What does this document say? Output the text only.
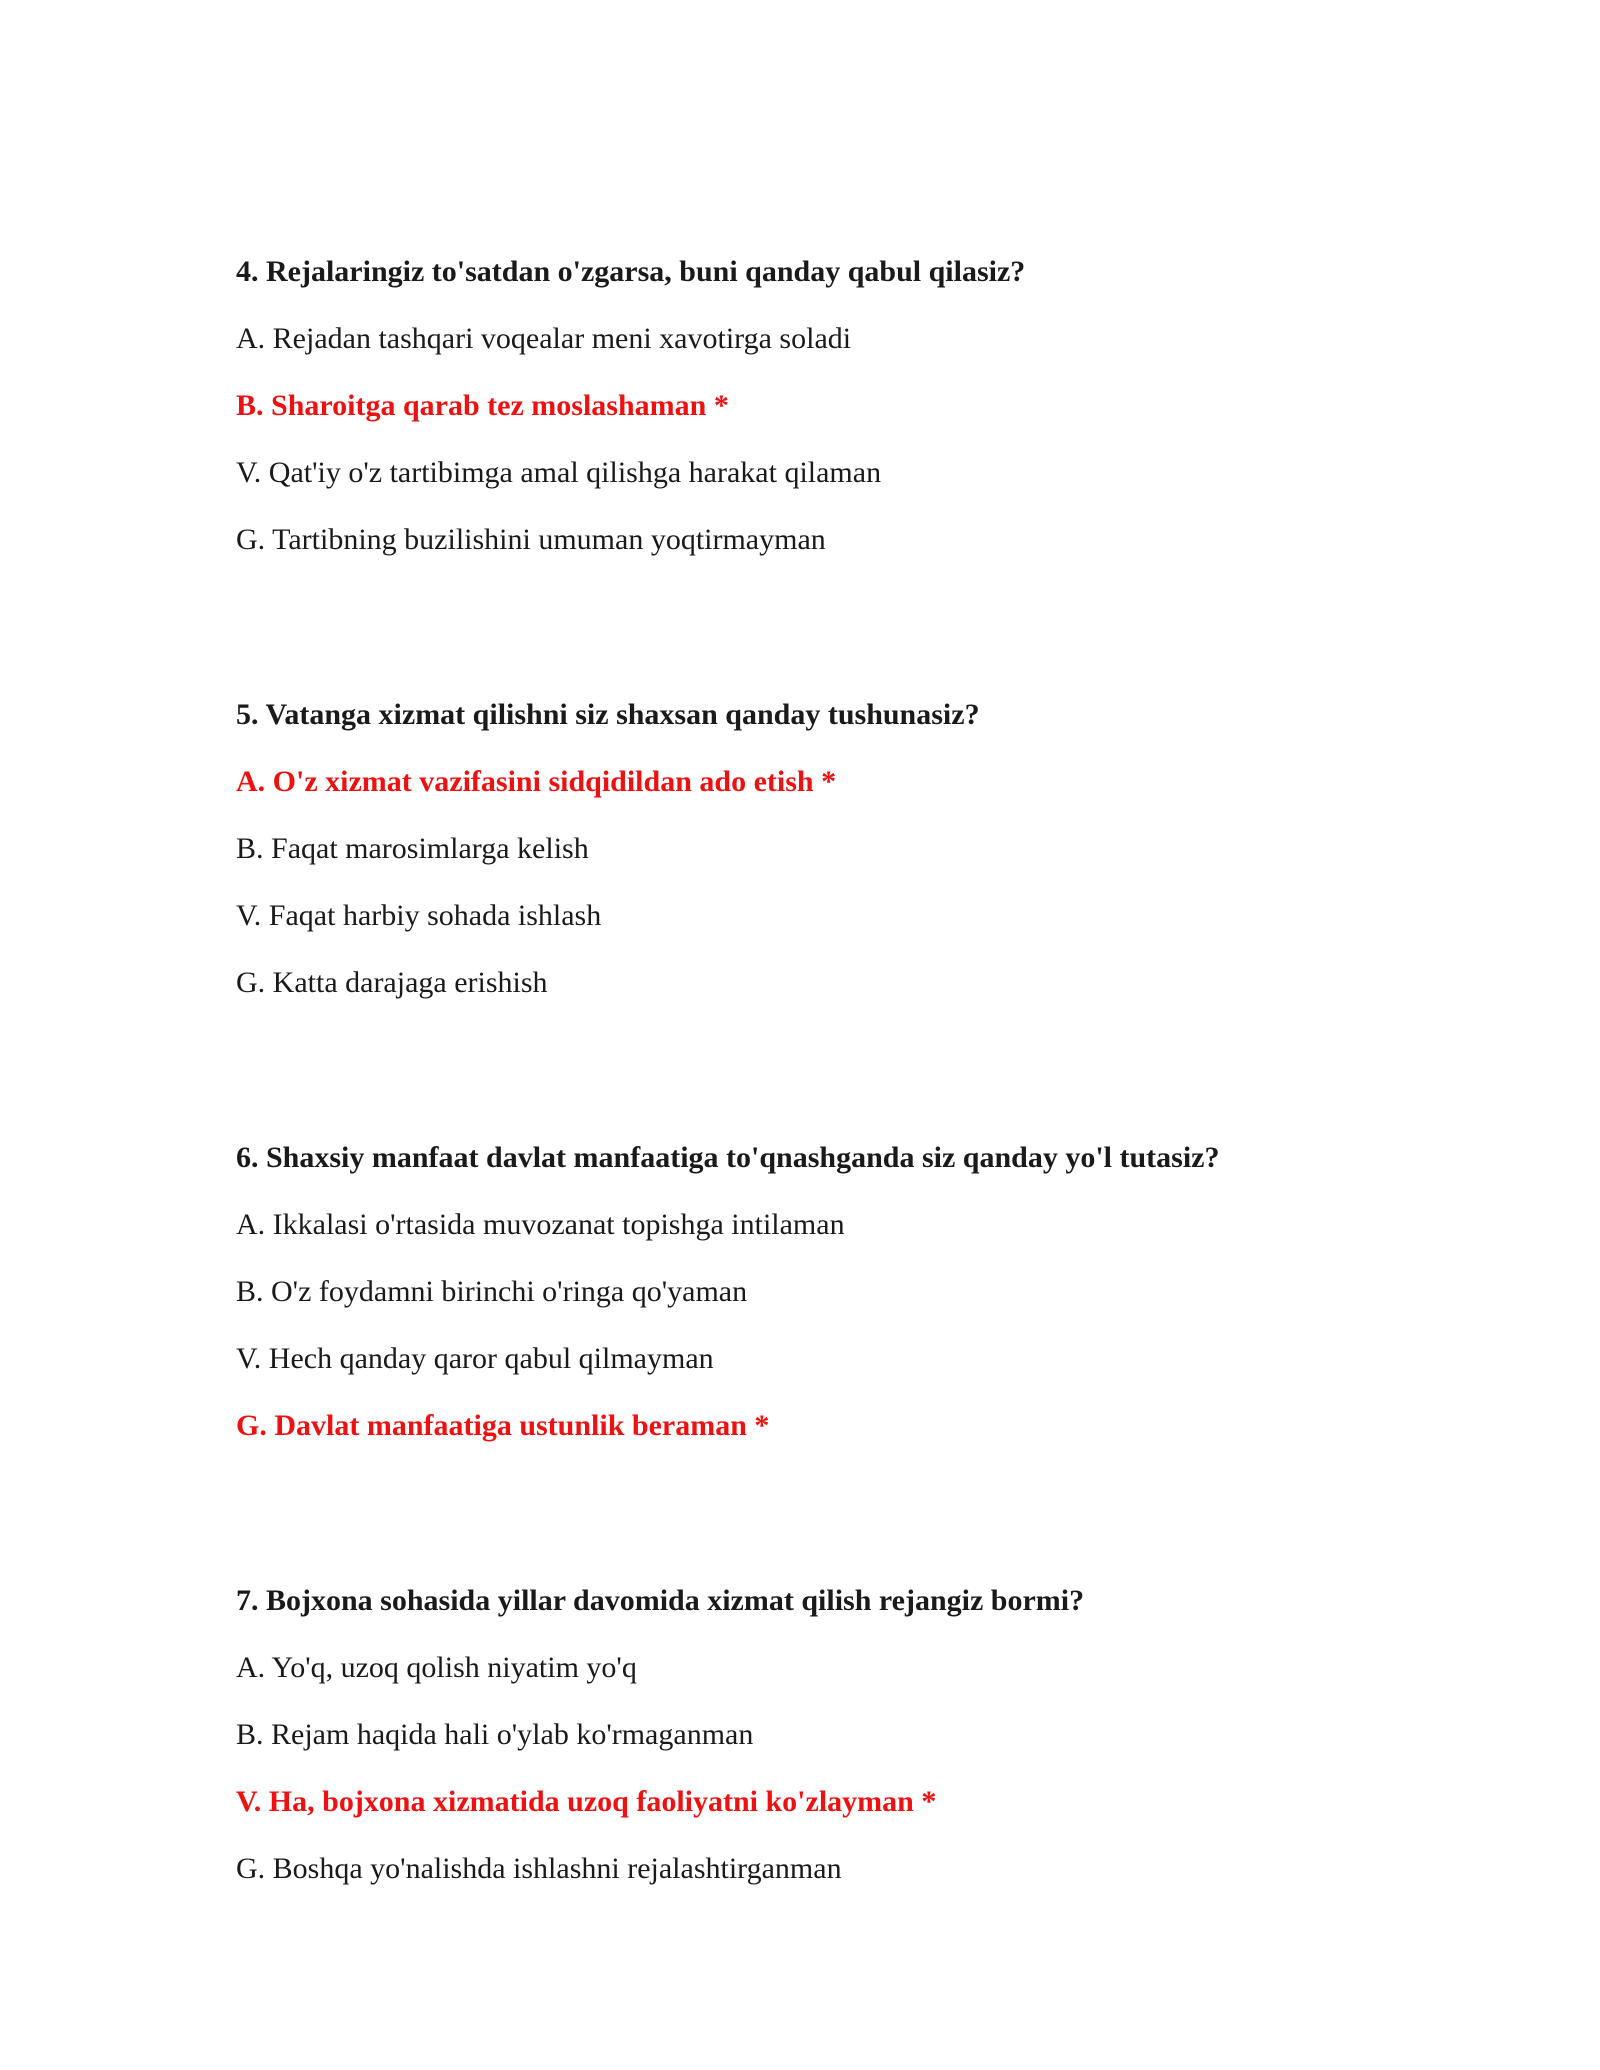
4. Rejalaringiz to'satdan o'zgarsa, buni qanday qabul qilasiz?
A. Rejadan tashqari voqealar meni xavotirga soladi
B. Sharoitga qarab tez moslashaman *
V. Qat'iy o'z tartibimga amal qilishga harakat qilaman
G. Tartibning buzilishini umuman yoqtirmayman
5. Vatanga xizmat qilishni siz shaxsan qanday tushunasiz?
A. O'z xizmat vazifasini sidqidildan ado etish *
B. Faqat marosimlarga kelish
V. Faqat harbiy sohada ishlash
G. Katta darajaga erishish
6. Shaxsiy manfaat davlat manfaatiga to'qnashganda siz qanday yo'l tutasiz?
A. Ikkalasi o'rtasida muvozanat topishga intilaman
B. O'z foydamni birinchi o'ringa qo'yaman
V. Hech qanday qaror qabul qilmayman
G. Davlat manfaatiga ustunlik beraman *
7. Bojxona sohasida yillar davomida xizmat qilish rejangiz bormi?
A. Yo'q, uzoq qolish niyatim yo'q
B. Rejam haqida hali o'ylab ko'rmaganman
V. Ha, bojxona xizmatida uzoq faoliyatni ko'zlayman *
G. Boshqa yo'nalishda ishlashni rejalashtirganman
